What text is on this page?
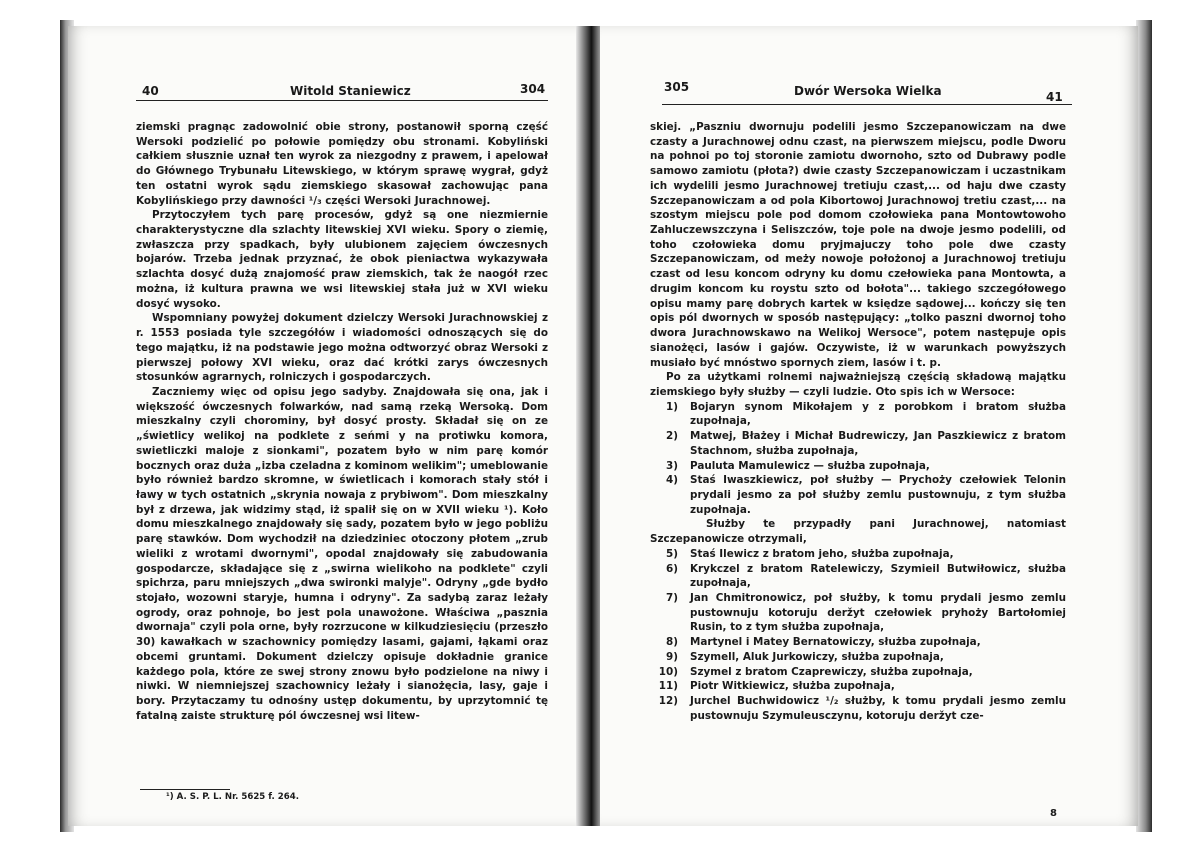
40	Witold Staniewicz	304

ziemski pragnąc zadowolnić obie strony, postanowił sporną część Wersoki podzielić po połowie pomiędzy obu stronami. Kobyliński całkiem słusznie uznał ten wyrok za niezgodny z prawem, i apelował do Głównego Trybunału Litewskiego, w którym sprawę wygrał, gdyż ten ostatni wyrok sądu ziemskiego skasował zachowując pana Kobylińskiego przy dawności ¹/₃ części Wersoki Jurachnowej.

Przytoczyłem tych parę procesów, gdyż są one niezmiernie charakterystyczne dla szlachty litewskiej XVI wieku. Spory o ziemię, zwłaszcza przy spadkach, były ulubionem zajęciem ówczesnych bojarów. Trzeba jednak przyznać, że obok pieniactwa wykazywała szlachta dosyć dużą znajomość praw ziemskich, tak że naogół rzec można, iż kultura prawna we wsi litewskiej stała już w XVI wieku dosyć wysoko.

Wspomniany powyżej dokument dzielczy Wersoki Jurachnowskiej z r. 1553 posiada tyle szczegółów i wiadomości odnoszących się do tego majątku, iż na podstawie jego można odtworzyć obraz Wersoki z pierwszej połowy XVI wieku, oraz dać krótki zarys ówczesnych stosunków agrarnych, rolniczych i gospodarczych.

Zaczniemy więc od opisu jego sadyby. Znajdowała się ona, jak i większość ówczesnych folwarków, nad samą rzeką Wersoką. Dom mieszkalny czyli chorominy, był dosyć prosty. Składał się on ze „świetlicy welikoj na podklete z seńmi y na protiwku komora, swietliczki maloje z sionkami", pozatem było w nim parę komór bocznych oraz duża „izba czeladna z kominom welikim"; umeblowanie było również bardzo skromne, w świetlicach i komorach stały stół i ławy w tych ostatnich „skrynia nowaja z prybiwom". Dom mieszkalny był z drzewa, jak widzimy stąd, iż spalił się on w XVII wieku ¹). Koło domu mieszkalnego znajdowały się sady, pozatem było w jego pobliżu parę stawków. Dom wychodził na dziedziniec otoczony płotem „zrub wieliki z wrotami dwornymi", opodal znajdowały się zabudowania gospodarcze, składające się z „swirna wielikoho na podklete" czyli spichrza, paru mniejszych „dwa swironki malyje". Odryny „gde bydło stojało, wozowni staryje, humna i odryny". Za sadybą zaraz leżały ogrody, oraz pohnoje, bo jest pola unawożone. Właściwa „pasznia dwornaja" czyli pola orne, były rozrzucone w kilkudziesięciu (przeszło 30) kawałkach w szachownicy pomiędzy lasami, gajami, łąkami oraz obcemi gruntami. Dokument dzielczy opisuje dokładnie granice każdego pola, które ze swej strony znowu było podzielone na niwy i niwki. W niemniejszej szachownicy leżały i sianożęcia, lasy, gaje i bory. Przytaczamy tu odnośny ustęp dokumentu, by uprzytomnić tę fatalną zaiste strukturę pól ówczesnej wsi litew-

¹) A. S. P. L. Nr. 5625 f. 264.
305	Dwór Wersoka Wielka	41

skiej. „Paszniu dwornuju podelili jesmo Szczepanowiczam na dwe czasty a Jurachnowej odnu czast, na pierwszem miejscu, podle Dworu na pohnoi po toj storonie zamiotu dwornoho, szto od Dubrawy podle samowo zamiotu (płota?) dwie czasty Szczepanowiczam i uczastnikam ich wydelili jesmo Jurachnowej tretiuju czast,... od haju dwe czasty Szczepanowiczam a od pola Kibortowoj Jurachnowoj tretiu czast,... na szostym miejscu pole pod domom czołowieka pana Montowtowoho Zahluczewszczyna i Seliszczów, toje pole na dwoje jesmo podelili, od toho czołowieka domu pryjmajuczy toho pole dwe czasty Szczepanowiczam, od meży nowoje położonoj a Jurachnowoj tretiuju czast od lesu koncom odryny ku domu czełowieka pana Montowta, a drugim koncom ku roystu szto od bołota"... takiego szczegółowego opisu mamy parę dobrych kartek w księdze sądowej... kończy się ten opis pól dwornych w sposób następujący: „tolko paszni dwornoj toho dwora Jurachnowskawo na Welikoj Wersoce", potem następuje opis sianożęci, lasów i gajów. Oczywiste, iż w warunkach powyższych musiało być mnóstwo spornych ziem, lasów i t. p.

Po za użytkami rolnemi najważniejszą częścią składową majątku ziemskiego były służby — czyli ludzie. Oto spis ich w Wersoce:

1) Bojaryn synom Mikołajem y z porobkom i bratom służba zupołnaja,
2) Matwej, Błażey i Michał Budrewiczy, Jan Paszkiewicz z bratom Stachnom, służba zupołnaja,
3) Pauluta Mamulewicz — służba zupołnaja,
4) Staś Iwaszkiewicz, poł służby — Prychoży czełowiek Telonin prydali jesmo za poł służby zemlu pustownuju, z tym służba zupołnaja.

Służby te przypadły pani Jurachnowej, natomiast Szczepanowicze otrzymali,

5) Staś Ilewicz z bratom jeho, służba zupołnaja,
6) Krykczel z bratom Ratelewiczy, Szymieil Butwiłowicz, służba zupołnaja,
7) Jan Chmitronowicz, poł służby, k tomu prydali jesmo zemlu pustownuju kotoruju deržyt czełowiek pryhoży Bartołomiej Rusin, to z tym służba zupołnaja,
8) Martynel i Matey Bernatowiczy, służba zupołnaja,
9) Szymell, Aluk Jurkowiczy, służba zupołnaja,
10) Szymel z bratom Czaprewiczy, służba zupołnaja,
11) Piotr Witkiewicz, służba zupołnaja,
12) Jurchel Buchwidowicz ¹/₂ służby, k tomu prydali jesmo zemlu pustownuju Szymuleusczynu, kotoruju deržyt cze-
8
